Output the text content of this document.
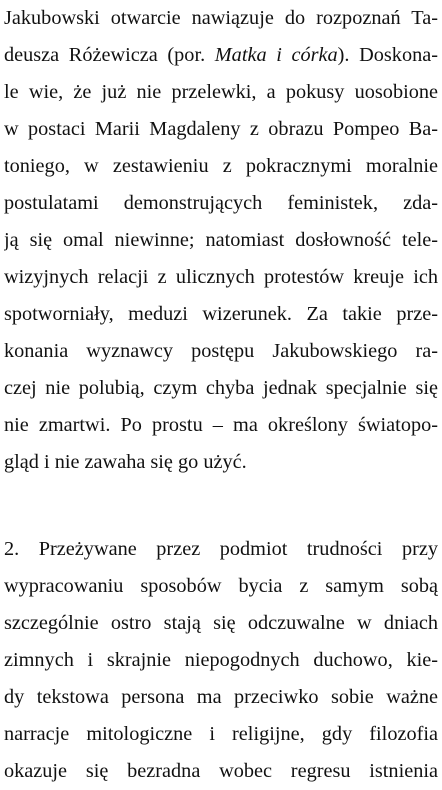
Jakubowski otwarcie nawiązuje do rozpoznań Ta-
deusza Różewicza (por. Matka i córka). Doskona-
le wie, że już nie przelewki, a pokusy uosobione
w postaci Marii Magdaleny z obrazu Pompeo Ba-
toniego, w zestawieniu z pokracznymi moralnie
postulatami demonstrujących feministek, zda-
ją się omal niewinne; natomiast dosłowność tele-
wizyjnych relacji z ulicznych protestów kreuje ich
spotworniały, meduzi wizerunek. Za takie prze-
konania wyznawcy postępu Jakubowskiego ra-
czej nie polubią, czym chyba jednak specjalnie się
nie zmartwi. Po prostu – ma określony światopo-
gląd i nie zawaha się go użyć.
2. Przeżywane przez podmiot trudności przy
wypracowaniu sposobów bycia z samym sobą
szczególnie ostro stają się odczuwalne w dniach
zimnych i skrajnie niepogodnych duchowo, kie-
dy tekstowa persona ma przeciwko sobie ważne
narracje mitologiczne i religijne, gdy filozofia
okazuje się bezradna wobec regresu istnienia
